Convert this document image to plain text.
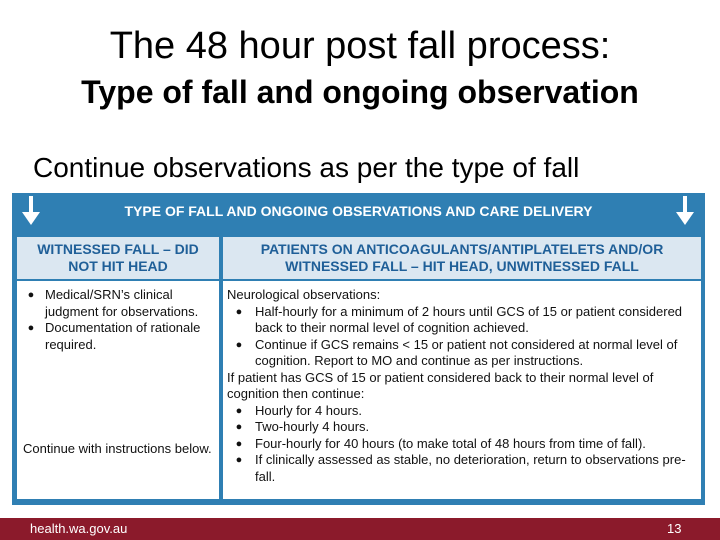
The 48 hour post fall process:
Type of fall and ongoing observation
Continue observations as per the type of fall
TYPE OF FALL AND ONGOING OBSERVATIONS AND CARE DELIVERY
WITNESSED FALL – DID NOT HIT HEAD
PATIENTS ON ANTICOAGULANTS/ANTIPLATELETS AND/OR WITNESSED FALL – HIT HEAD, UNWITNESSED FALL
● Medical/SRN’s clinical judgment for observations.
● Documentation of rationale required.
Continue with instructions below.
Neurological observations:
● Half-hourly for a minimum of 2 hours until GCS of 15 or patient considered back to their normal level of cognition achieved.
● Continue if GCS remains < 15 or patient not considered at normal level of cognition. Report to MO and continue as per instructions.
If patient has GCS of 15 or patient considered back to their normal level of cognition then continue:
● Hourly for 4 hours.
● Two-hourly 4 hours.
● Four-hourly for 40 hours (to make total of 48 hours from time of fall).
● If clinically assessed as stable, no deterioration, return to observations pre-fall.
health.wa.gov.au	13
